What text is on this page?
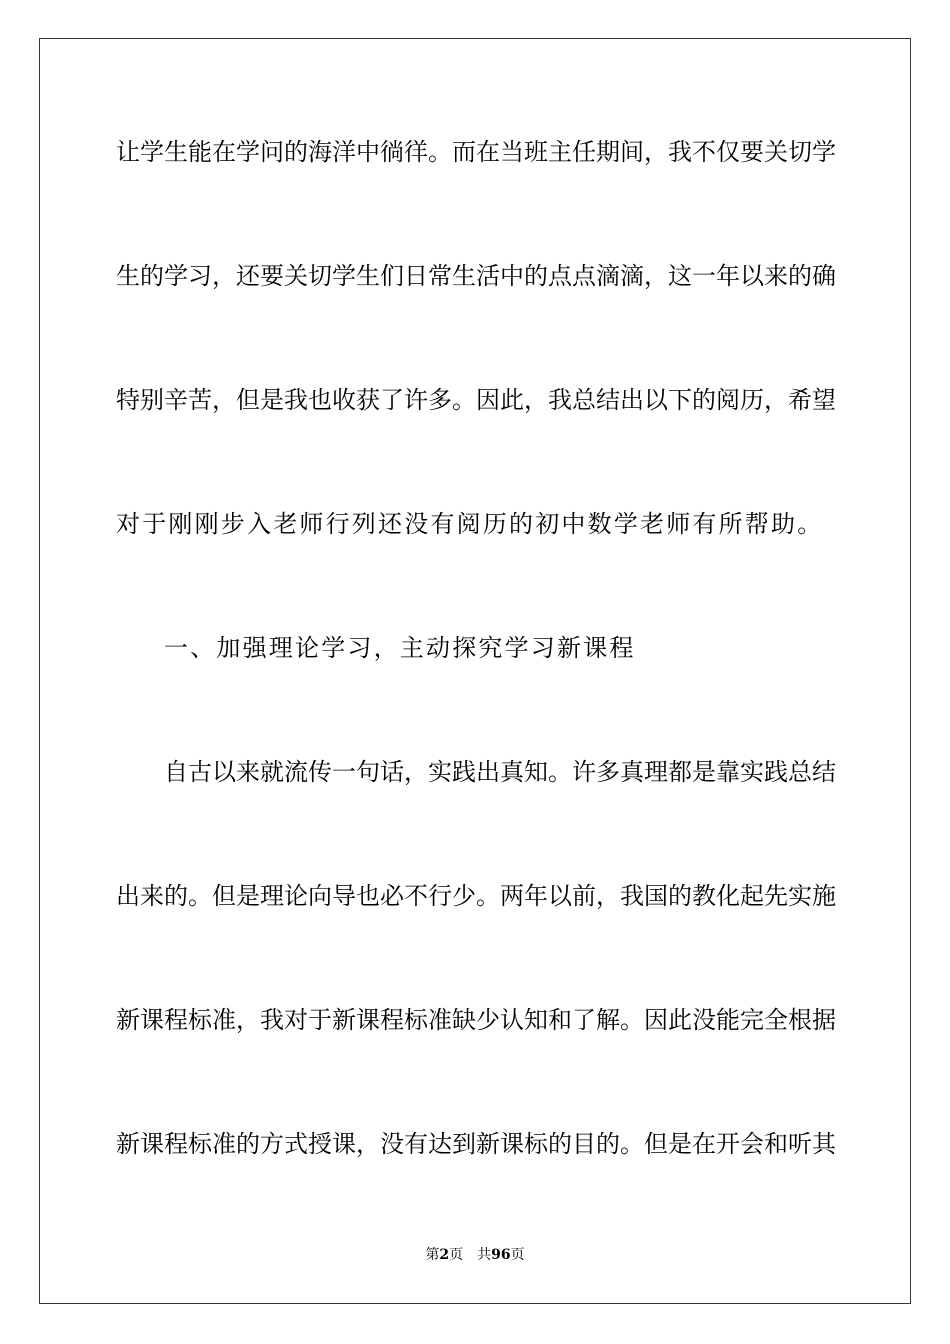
让学生能在学问的海洋中徜徉。而在当班主任期间，我不仅要关切学
生的学习，还要关切学生们日常生活中的点点滴滴，这一年以来的确
特别辛苦，但是我也收获了许多。因此，我总结出以下的阅历，希望
对于刚刚步入老师行列还没有阅历的初中数学老师有所帮助。
一、加强理论学习，主动探究学习新课程
自古以来就流传一句话，实践出真知。许多真理都是靠实践总结
出来的。但是理论向导也必不行少。两年以前，我国的教化起先实施
新课程标准，我对于新课程标准缺少认知和了解。因此没能完全根据
新课程标准的方式授课，没有达到新课标的目的。但是在开会和听其
第2页 共96页
